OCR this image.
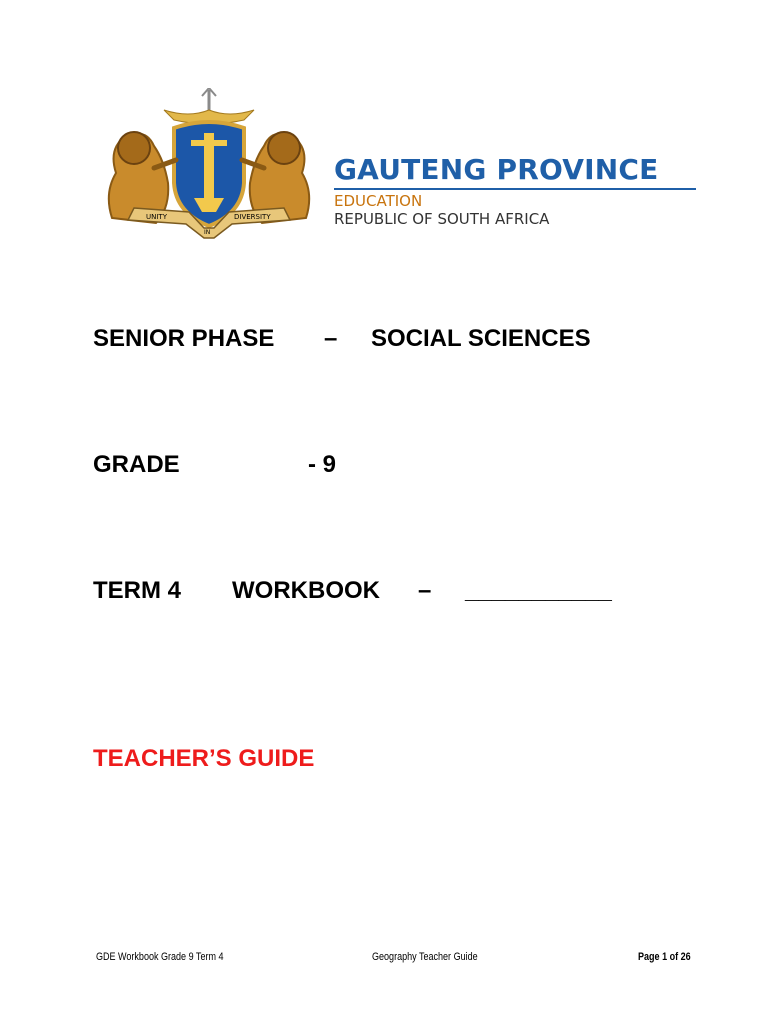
UNITY
IN
DIVERSITY
GAUTENG PROVINCE
EDUCATION
REPUBLIC OF SOUTH AFRICA
SENIOR PHASE – SOCIAL SCIENCES
GRADE	- 9
TERM 4 WORKBOOK – ___________
TEACHER’S GUIDE
GDE Workbook Grade 9 Term 4	Geography Teacher Guide	Page 1 of 26
